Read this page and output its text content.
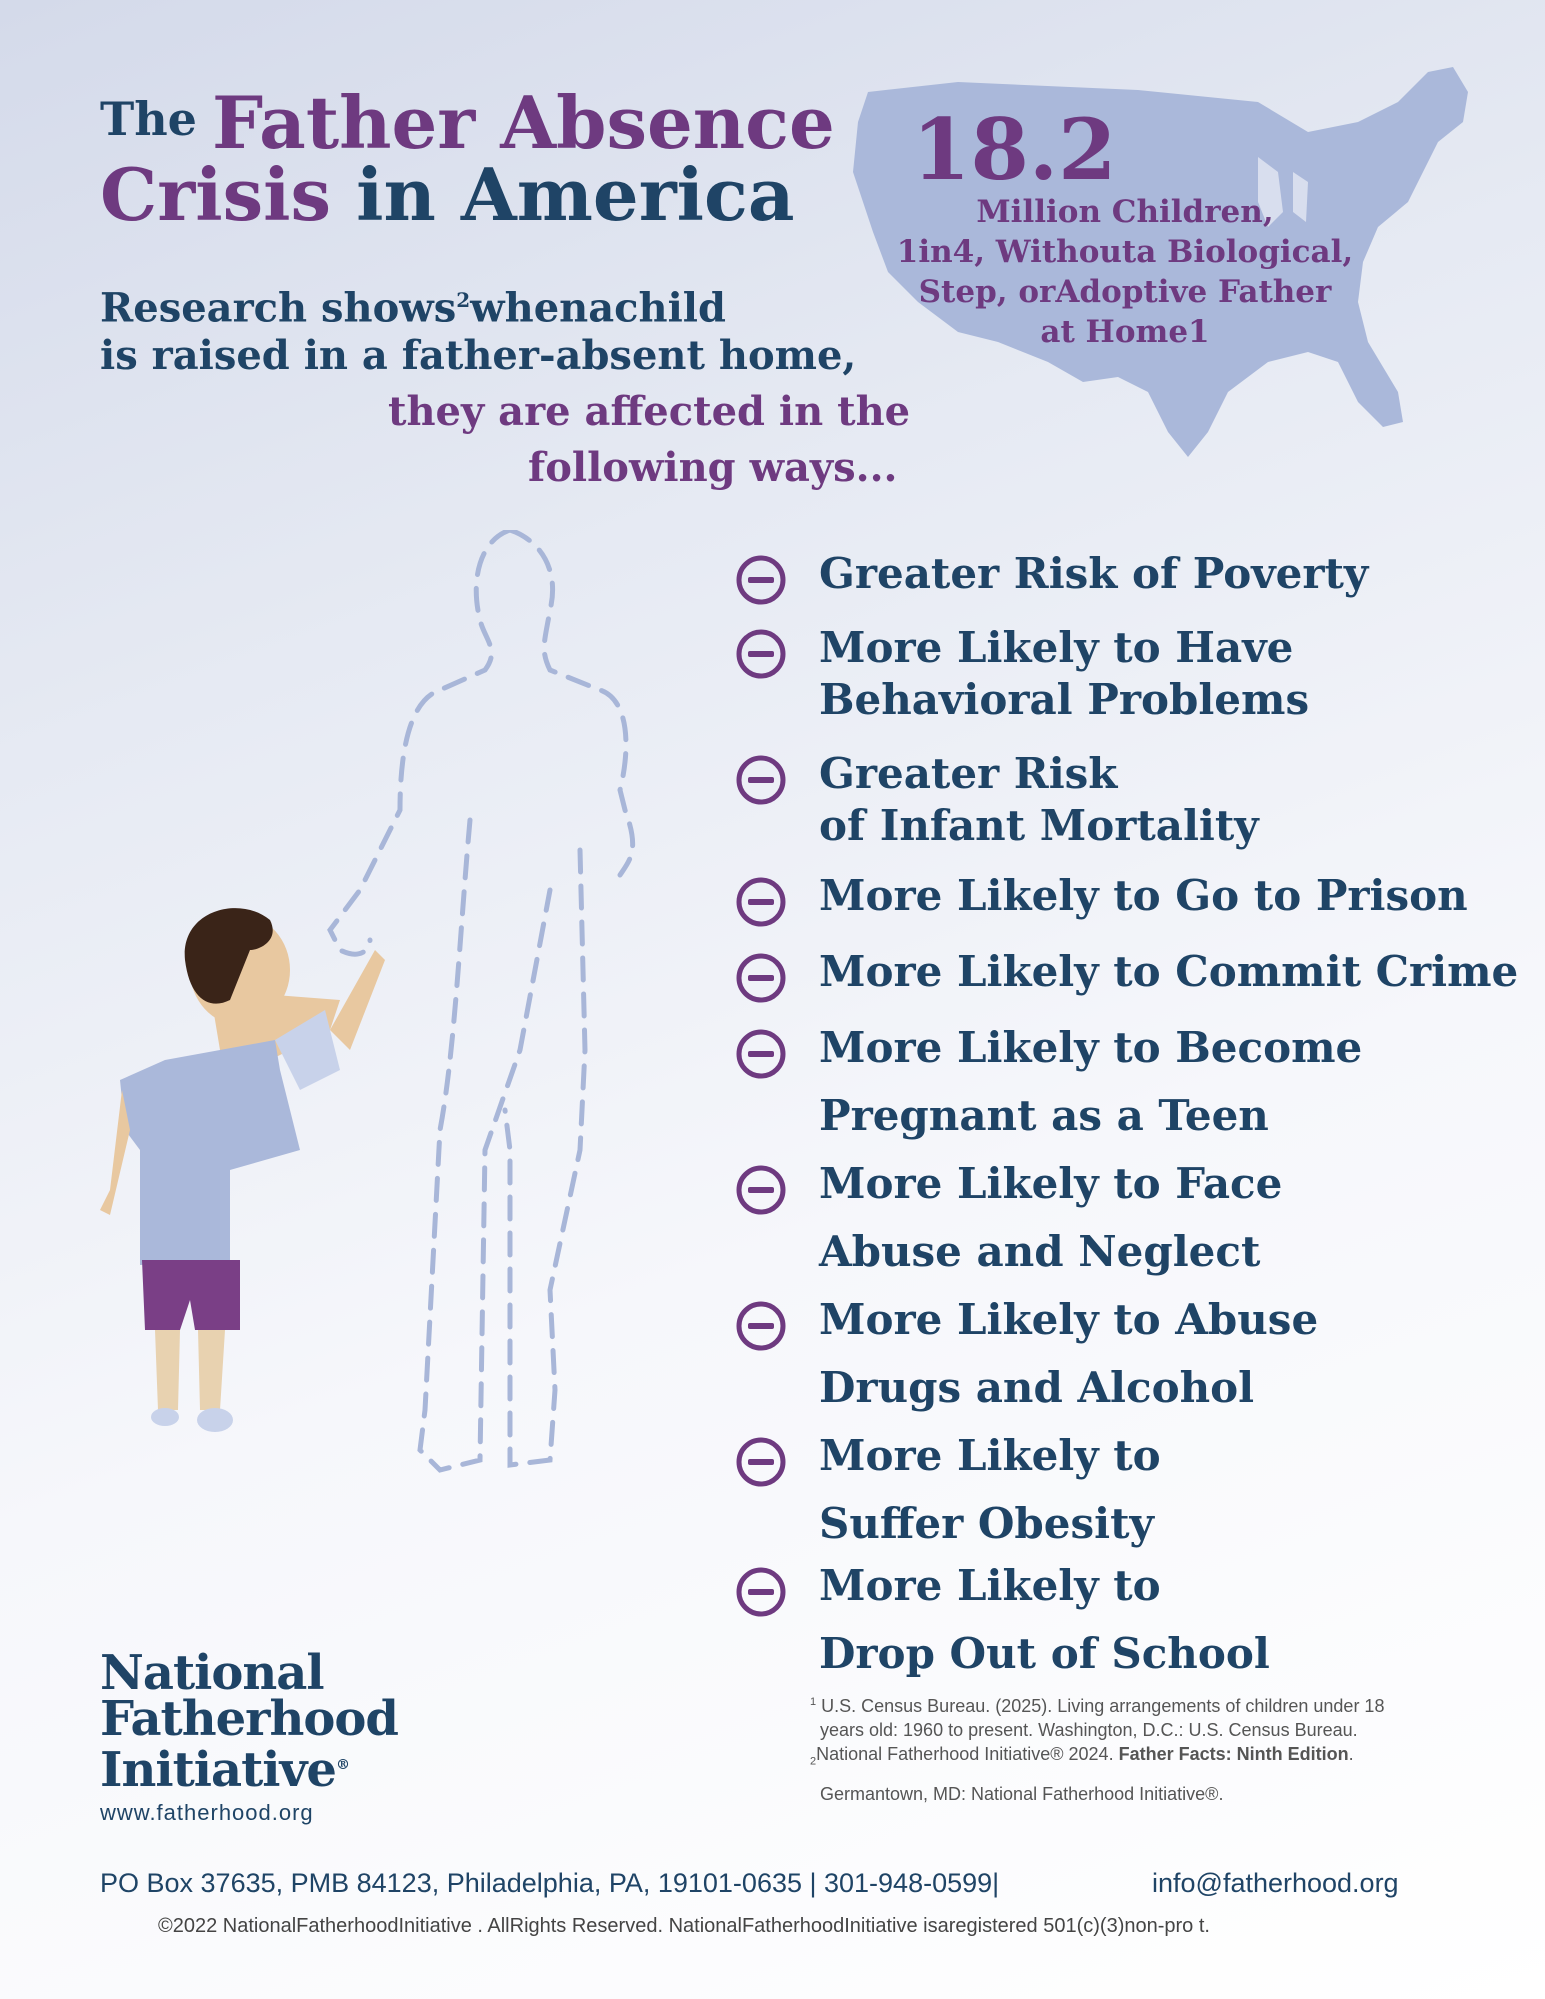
The Father Absence
Crisis in America
Research shows$^2$whenachild
is raised in a father-absent home,
they are affected in the
following ways...
18.2
Million Children,
1in4, Withouta Biological,
Step, orAdoptive Father
at Home1
Greater Risk of Poverty
More Likely to Have
Behavioral Problems
Greater Risk
of Infant Mortality
More Likely to Go to Prison
More Likely to Commit Crime
More Likely to Become
Pregnant as a Teen
More Likely to Face
Abuse and Neglect
More Likely to Abuse
Drugs and Alcohol
More Likely to
Suffer Obesity
More Likely to
Drop Out of School
$^1$ U.S. Census Bureau. (2025). Living arrangements of children under 18
years old: 1960 to present. Washington, D.C.: U.S. Census Bureau.
$_2$National Fatherhood Initiative® 2024. Father Facts: Ninth Edition.
Germantown, MD: National Fatherhood Initiative®.
National
Fatherhood
Initiative®
www.fatherhood.org
PO Box 37635, PMB 84123, Philadelphia, PA, 19101-0635 | 301-948-0599|	info@fatherhood.org
©2022 NationalFatherhoodInitiative . AllRights Reserved. NationalFatherhoodInitiative isaregistered 501(c)(3)non-pro t.
